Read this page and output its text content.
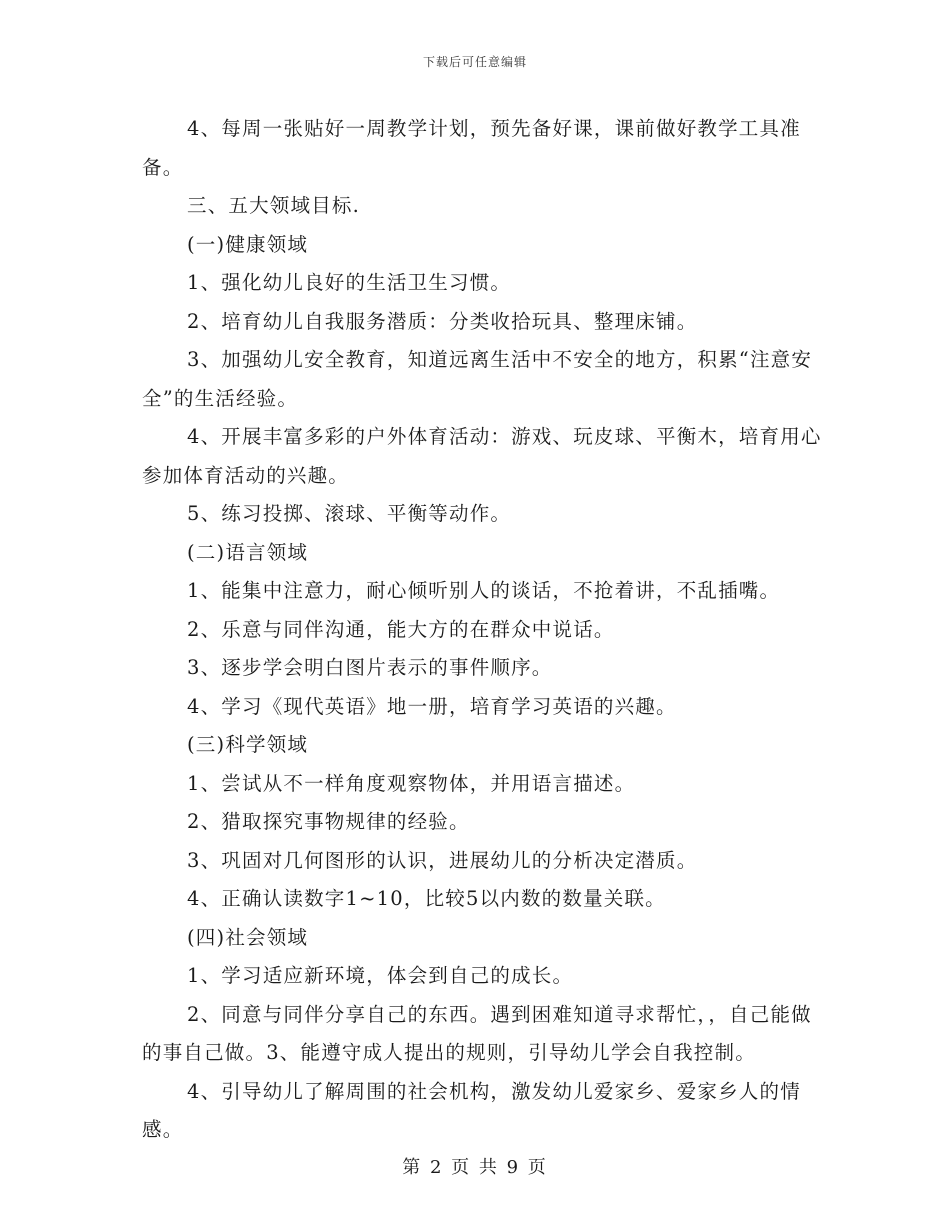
下载后可任意编辑

4、每周一张贴好一周教学计划，预先备好课，课前做好教学工具准备。

三、五大领域目标.

(一)健康领域

1、强化幼儿良好的生活卫生习惯。

2、培育幼儿自我服务潜质：分类收拾玩具、整理床铺。

3、加强幼儿安全教育，知道远离生活中不安全的地方，积累“注意安全”的生活经验。

4、开展丰富多彩的户外体育活动：游戏、玩皮球、平衡木，培育用心参加体育活动的兴趣。

5、练习投掷、滚球、平衡等动作。

(二)语言领域

1、能集中注意力，耐心倾听别人的谈话，不抢着讲，不乱插嘴。

2、乐意与同伴沟通，能大方的在群众中说话。

3、逐步学会明白图片表示的事件顺序。

4、学习《现代英语》地一册，培育学习英语的兴趣。

(三)科学领域

1、尝试从不一样角度观察物体，并用语言描述。

2、猎取探究事物规律的经验。

3、巩固对几何图形的认识，进展幼儿的分析决定潜质。

4、正确认读数字1~10，比较5以内数的数量关联。

(四)社会领域

1、学习适应新环境，体会到自己的成长。

2、同意与同伴分享自己的东西。遇到困难知道寻求帮忙，，自己能做的事自己做。3、能遵守成人提出的规则，引导幼儿学会自我控制。

4、引导幼儿了解周围的社会机构，激发幼儿爱家乡、爱家乡人的情感。

第 2 页 共 9 页
